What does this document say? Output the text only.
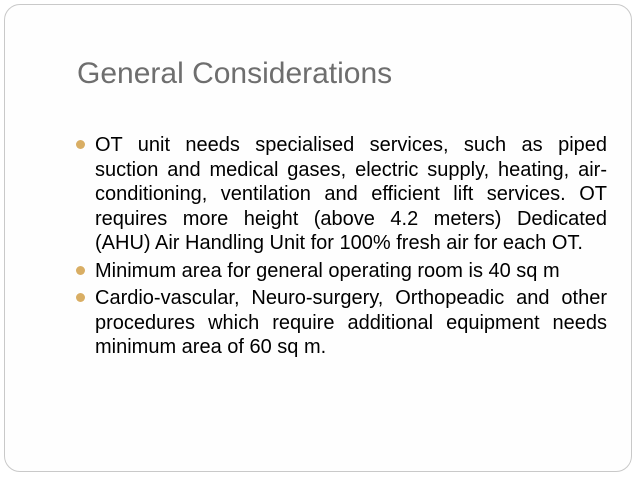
General Considerations
OT unit needs specialised services, such as piped suction and medical gases, electric supply, heating, air-conditioning, ventilation and efficient lift services. OT requires more height (above 4.2 meters) Dedicated (AHU) Air Handling Unit for 100% fresh air for each OT.
Minimum area for general operating room is 40 sq m
Cardio-vascular, Neuro-surgery, Orthopeadic and other procedures which require additional equipment needs minimum area of 60 sq m.
